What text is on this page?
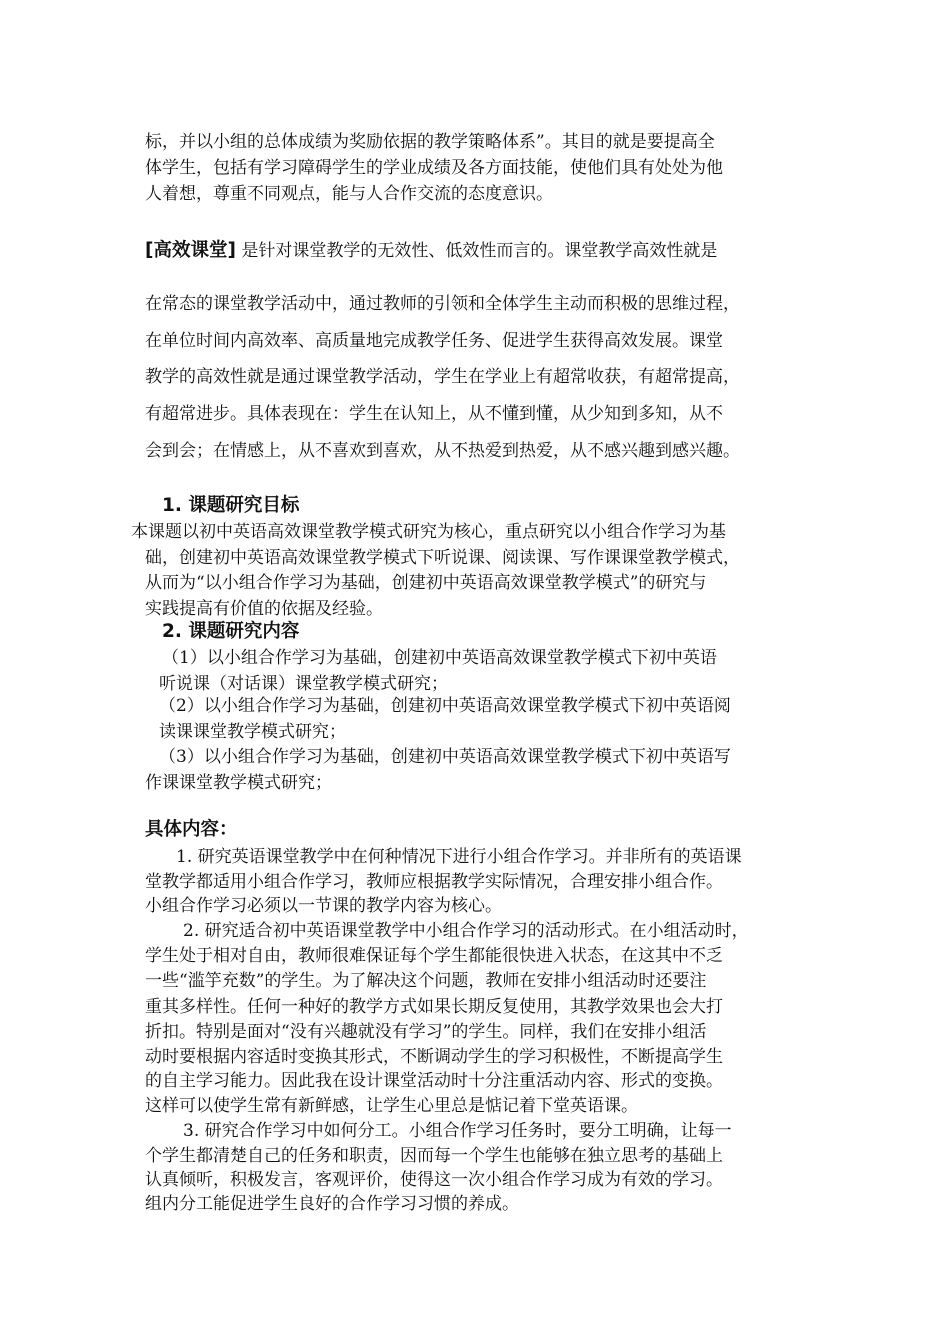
标，并以小组的总体成绩为奖励依据的教学策略体系”。其目的就是要提高全
体学生，包括有学习障碍学生的学业成绩及各方面技能，使他们具有处处为他
人着想，尊重不同观点，能与人合作交流的态度意识。
[高效课堂] 是针对课堂教学的无效性、低效性而言的。课堂教学高效性就是
在常态的课堂教学活动中，通过教师的引领和全体学生主动而积极的思维过程，
在单位时间内高效率、高质量地完成教学任务、促进学生获得高效发展。课堂
教学的高效性就是通过课堂教学活动，学生在学业上有超常收获，有超常提高，
有超常进步。具体表现在：学生在认知上，从不懂到懂，从少知到多知，从不
会到会；在情感上，从不喜欢到喜欢，从不热爱到热爱，从不感兴趣到感兴趣。
1. 课题研究目标
本课题以初中英语高效课堂教学模式研究为核心，重点研究以小组合作学习为基
础，创建初中英语高效课堂教学模式下听说课、阅读课、写作课课堂教学模式，
从而为“以小组合作学习为基础，创建初中英语高效课堂教学模式”的研究与
实践提高有价值的依据及经验。
2. 课题研究内容
（1）以小组合作学习为基础，创建初中英语高效课堂教学模式下初中英语
听说课（对话课）课堂教学模式研究；
（2）以小组合作学习为基础，创建初中英语高效课堂教学模式下初中英语阅
读课课堂教学模式研究；
（3）以小组合作学习为基础，创建初中英语高效课堂教学模式下初中英语写
作课课堂教学模式研究；
具体内容：
1. 研究英语课堂教学中在何种情况下进行小组合作学习。并非所有的英语课
堂教学都适用小组合作学习，教师应根据教学实际情况，合理安排小组合作。
小组合作学习必须以一节课的教学内容为核心。
2. 研究适合初中英语课堂教学中小组合作学习的活动形式。在小组活动时，
学生处于相对自由，教师很难保证每个学生都能很快进入状态，在这其中不乏
一些“滥竽充数”的学生。为了解决这个问题，教师在安排小组活动时还要注
重其多样性。任何一种好的教学方式如果长期反复使用，其教学效果也会大打
折扣。特别是面对“没有兴趣就没有学习”的学生。同样，我们在安排小组活
动时要根据内容适时变换其形式，不断调动学生的学习积极性，不断提高学生
的自主学习能力。因此我在设计课堂活动时十分注重活动内容、形式的变换。
这样可以使学生常有新鲜感，让学生心里总是惦记着下堂英语课。
3. 研究合作学习中如何分工。小组合作学习任务时，要分工明确，让每一
个学生都清楚自己的任务和职责，因而每一个学生也能够在独立思考的基础上
认真倾听，积极发言，客观评价，使得这一次小组合作学习成为有效的学习。
组内分工能促进学生良好的合作学习习惯的养成。
